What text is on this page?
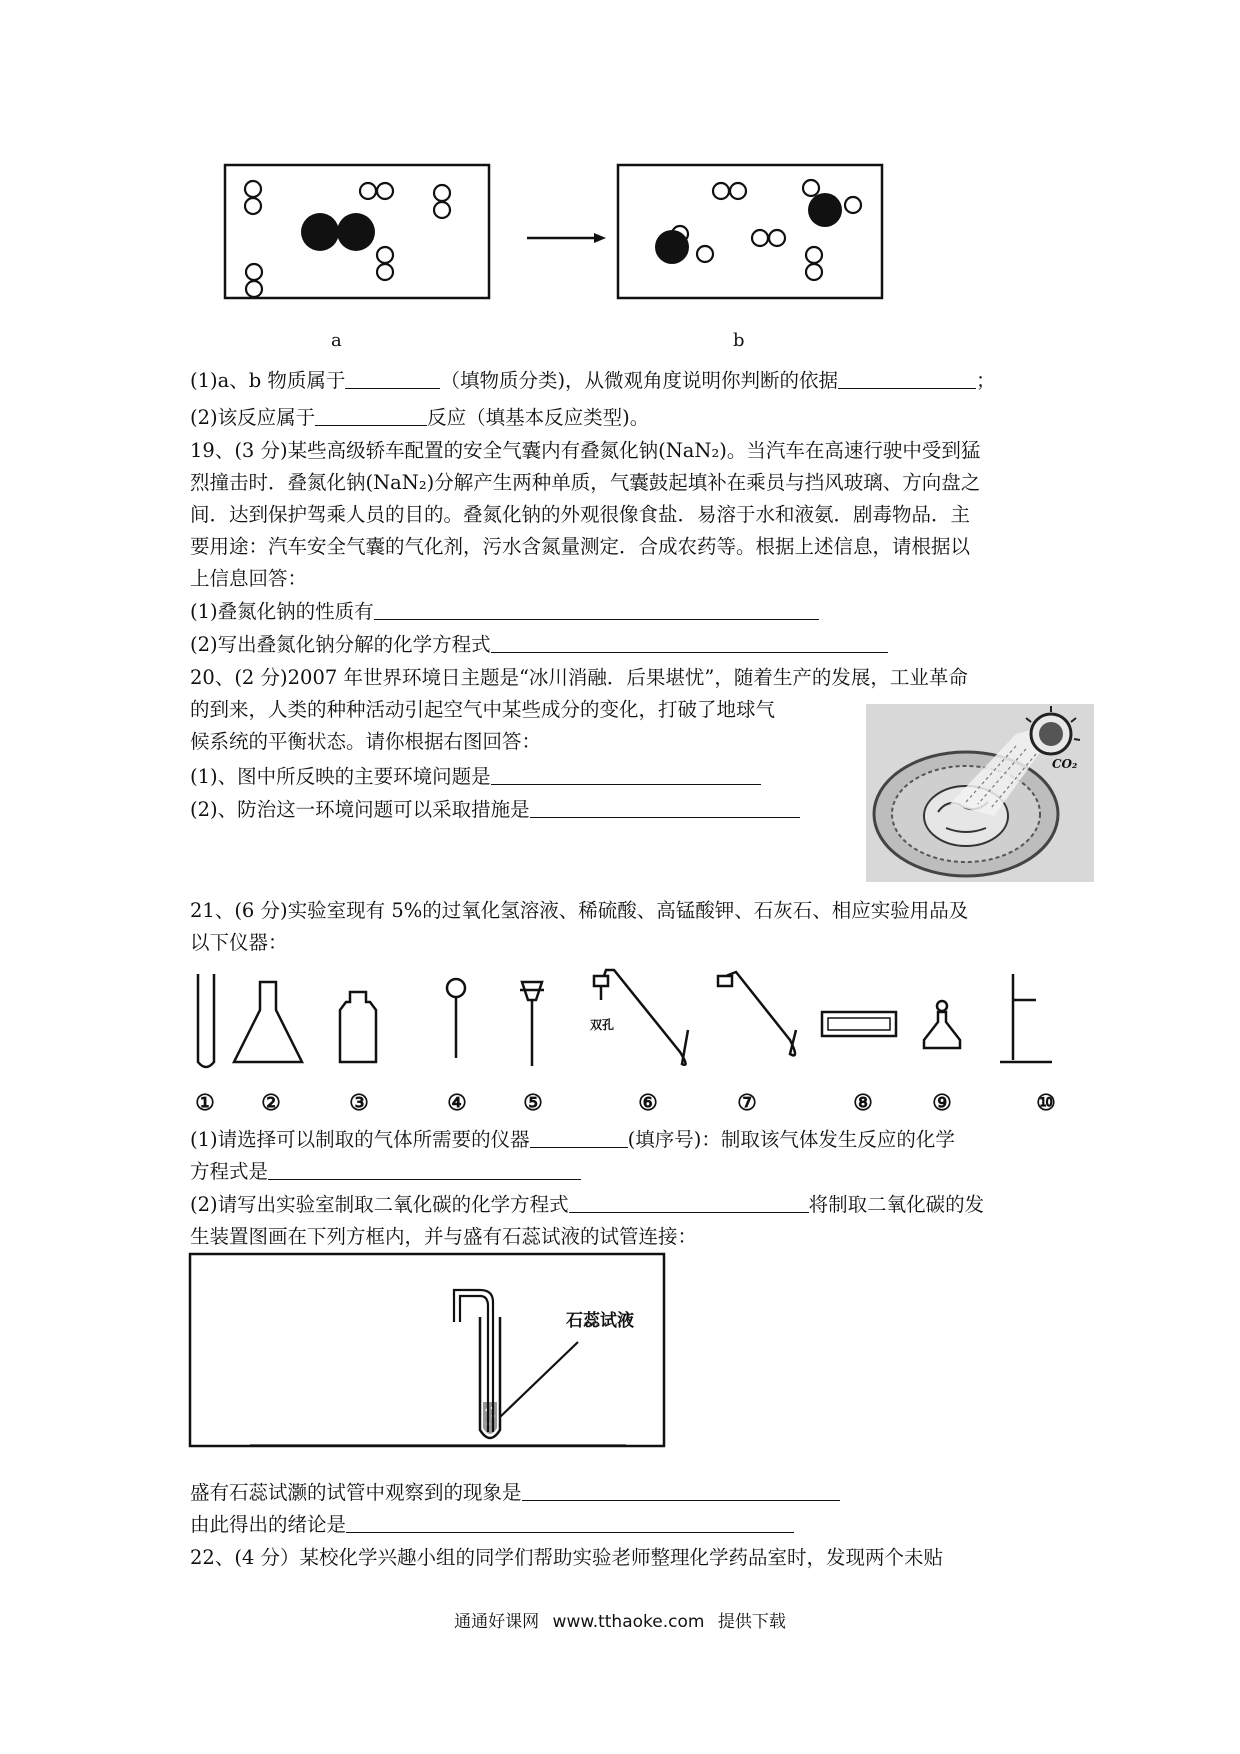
a	b
(1)a、b 物质属于	（填物质分类)，从微观角度说明你判断的依据	；
(2)该反应属于	反应（填基本反应类型)。
19、(3 分)某些高级轿车配置的安全气囊内有叠氮化钠(NaN₂)。当汽车在高速行驶中受到猛
烈撞击时．叠氮化钠(NaN₂)分解产生两种单质，气囊鼓起填补在乘员与挡风玻璃、方向盘之
间．达到保护驾乘人员的目的。叠氮化钠的外观很像食盐．易溶于水和液氨．剧毒物品．主
要用途：汽车安全气囊的气化剂，污水含氮量测定．合成农药等。根据上述信息，请根据以
上信息回答：
(1)叠氮化钠的性质有
(2)写出叠氮化钠分解的化学方程式
20、(2 分)2007 年世界环境日主题是“冰川消融．后果堪忧”，随着生产的发展，工业革命
的到来，人类的种种活动引起空气中某些成分的变化，打破了地球气
候系统的平衡状态。请你根据右图回答：
(1)、图中所反映的主要环境问题是
(2)、防治这一环境问题可以采取措施是
CO₂
21、(6 分)实验室现有 5%的过氧化氢溶液、稀硫酸、高锰酸钾、石灰石、相应实验用品及
以下仪器：
① ②	③	④	⑤	⑥	⑦	⑧	⑨	⑩
双孔
(1)请选择可以制取的气体所需要的仪器	(填序号)：制取该气体发生反应的化学
方程式是
(2)请写出实验室制取二氧化碳的化学方程式	将制取二氧化碳的发
生装置图画在下列方框内，并与盛有石蕊试液的试管连接：
石蕊试液
盛有石蕊试灏的试管中观察到的现象是
由此得出的绪论是
22、(4 分）某校化学兴趣小组的同学们帮助实验老师整理化学药品室时，发现两个未贴
通通好课网 www.tthaoke.com 提供下载
